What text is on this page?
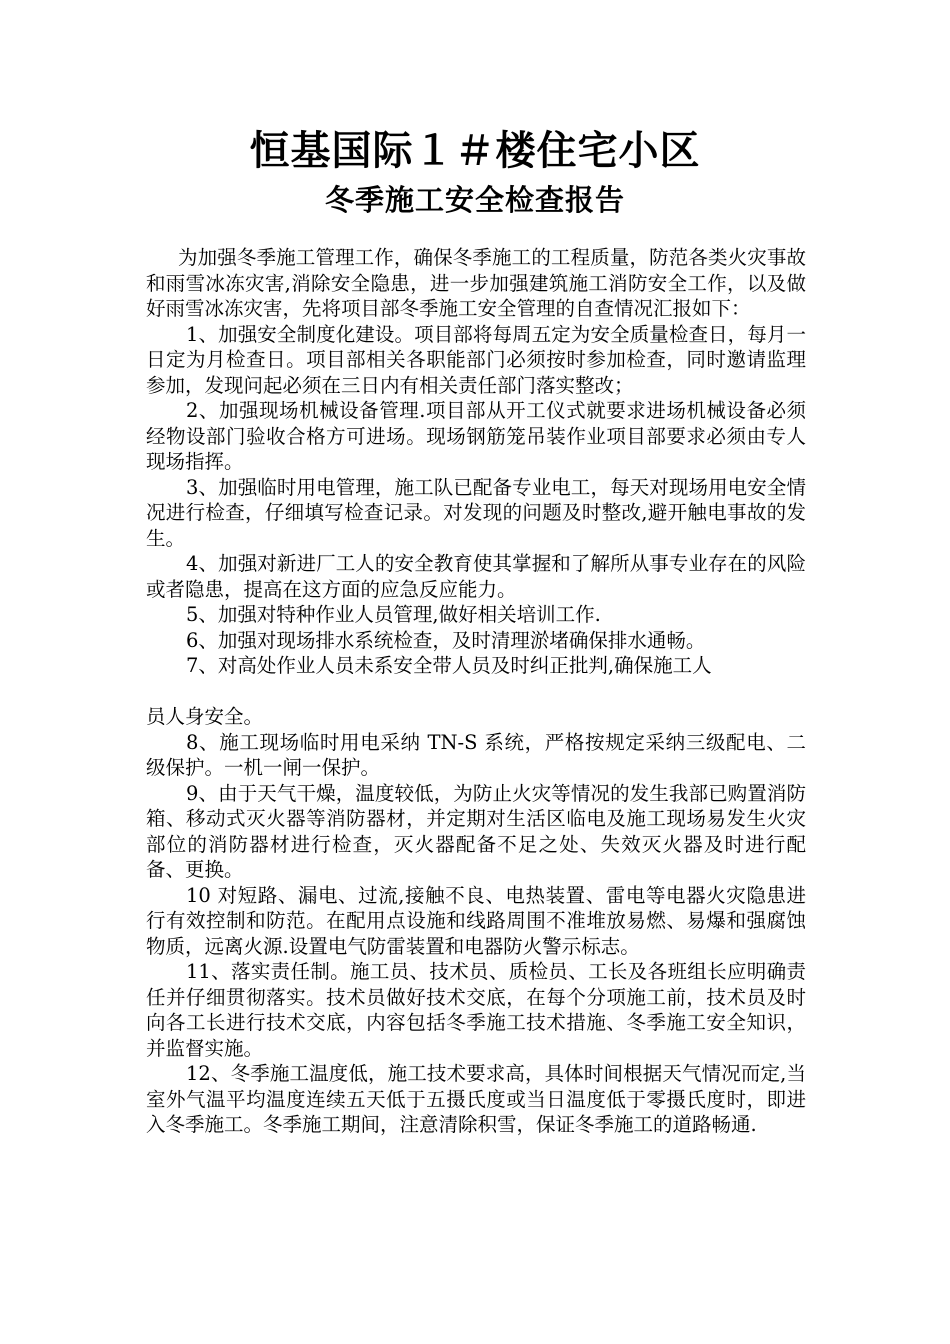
恒基国际１＃楼住宅小区
冬季施工安全检查报告

为加强冬季施工管理工作，确保冬季施工的工程质量，防范各类火灾事故和雨雪冰冻灾害,消除安全隐患，进一步加强建筑施工消防安全工作，以及做好雨雪冰冻灾害，先将项目部冬季施工安全管理的自查情况汇报如下：

1、加强安全制度化建设。项目部将每周五定为安全质量检查日，每月一日定为月检查日。项目部相关各职能部门必须按时参加检查，同时邀请监理参加，发现问起必须在三日内有相关责任部门落实整改；

2、加强现场机械设备管理.项目部从开工仪式就要求进场机械设备必须经物设部门验收合格方可进场。现场钢筋笼吊装作业项目部要求必须由专人现场指挥。

3、加强临时用电管理，施工队已配备专业电工，每天对现场用电安全情况进行检查，仔细填写检查记录。对发现的问题及时整改,避开触电事故的发生。

4、加强对新进厂工人的安全教育使其掌握和了解所从事专业存在的风险或者隐患，提高在这方面的应急反应能力。

5、加强对特种作业人员管理,做好相关培训工作.

6、加强对现场排水系统检查，及时清理淤堵确保排水通畅。

7、对高处作业人员未系安全带人员及时纠正批判,确保施工人

员人身安全。

8、施工现场临时用电采纳 TN-S 系统，严格按规定采纳三级配电、二级保护。一机一闸一保护。

9、由于天气干燥，温度较低，为防止火灾等情况的发生我部已购置消防箱、移动式灭火器等消防器材，并定期对生活区临电及施工现场易发生火灾部位的消防器材进行检查，灭火器配备不足之处、失效灭火器及时进行配备、更换。

10 对短路、漏电、过流,接触不良、电热装置、雷电等电器火灾隐患进行有效控制和防范。在配用点设施和线路周围不准堆放易燃、易爆和强腐蚀物质，远离火源.设置电气防雷装置和电器防火警示标志。

11、落实责任制。施工员、技术员、质检员、工长及各班组长应明确责任并仔细贯彻落实。技术员做好技术交底，在每个分项施工前，技术员及时向各工长进行技术交底，内容包括冬季施工技术措施、冬季施工安全知识，并监督实施。

12、冬季施工温度低，施工技术要求高，具体时间根据天气情况而定,当室外气温平均温度连续五天低于五摄氏度或当日温度低于零摄氏度时，即进入冬季施工。冬季施工期间，注意清除积雪，保证冬季施工的道路畅通.
